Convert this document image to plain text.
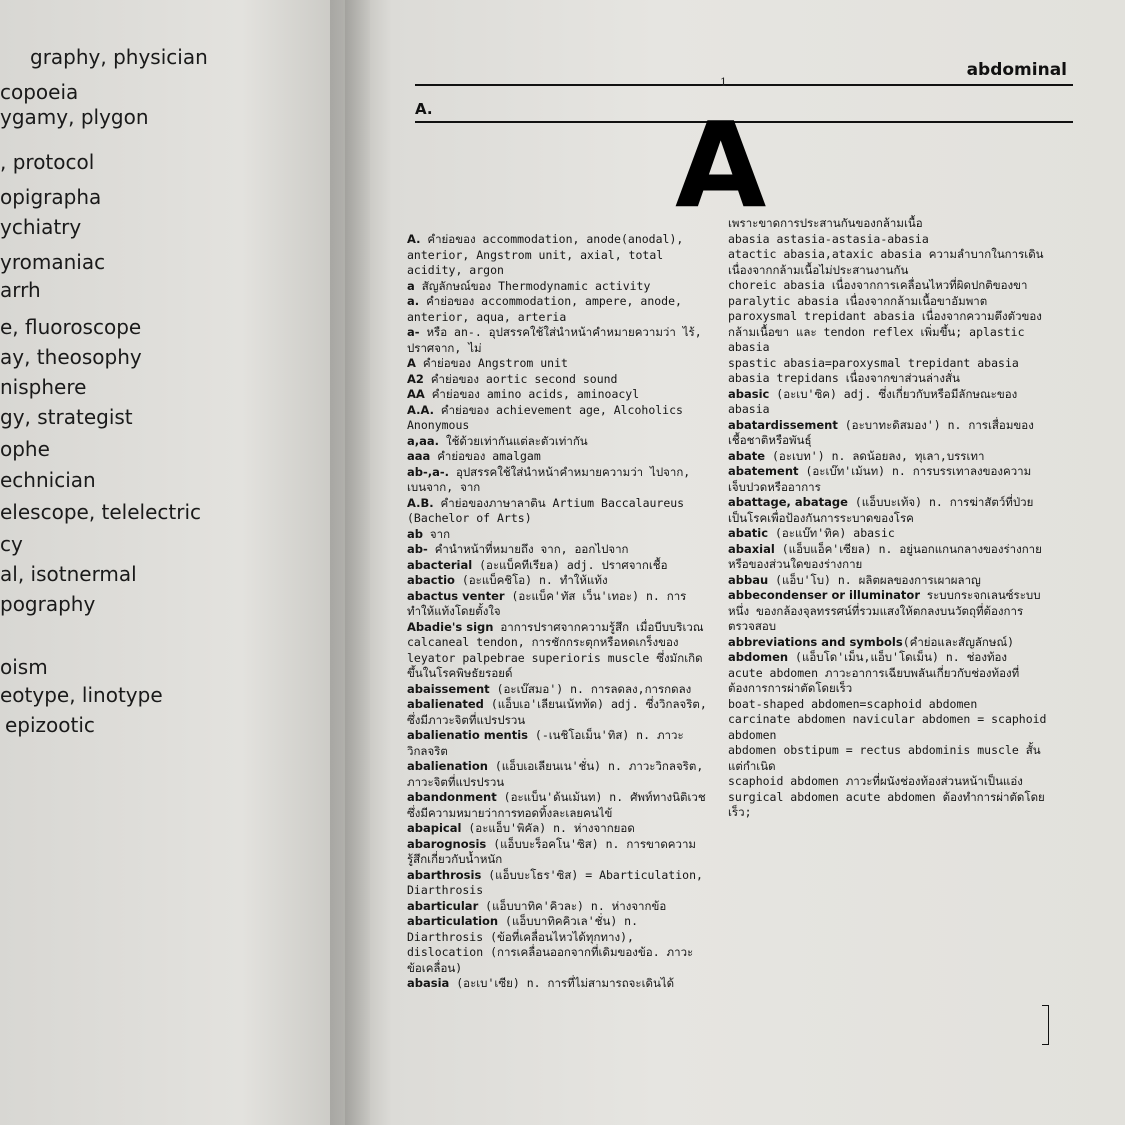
graphy, physician
copoeia
ygamy, plygon
, protocol
opigrapha
ychiatry
yromaniac
arrh
e, fluoroscope
ay, theosophy
nisphere
gy, strategist
ophe
echnician
elescope, telelectric
cy
al, isotnermal
pography
oism
eotype, linotype
epizootic
abdominal
1
A. A
A. คำย่อของ accommodation, anode(anodal), anterior, Angstrom unit, axial, total acidity, argon
a สัญลักษณ์ของ Thermodynamic activity
a. คำย่อของ accommodation, ampere, anode, anterior, aqua, arteria
a- หรือ an-. อุปสรรคใช้ใส่นำหน้าคำหมายความว่า ไร้, ปราศจาก, ไม่
A คำย่อของ Angstrom unit
A2 คำย่อของ aortic second sound
AA คำย่อของ amino acids, aminoacyl
A.A. คำย่อของ achievement age, Alcoholics Anonymous
a,aa. ใช้ด้วยเท่ากันแต่ละตัวเท่ากัน
aaa คำย่อของ amalgam
ab-,a-. อุปสรรคใช้ใส่นำหน้าคำหมายความว่า ไปจาก, เบนจาก, จาก
A.B. คำย่อของภาษาลาติน Artium Baccalaureus (Bachelor of Arts)
ab จาก
ab- คำนำหน้าที่หมายถึง จาก, ออกไปจาก
abacterial (อะแบ็คทีเรียล) adj. ปราศจากเชื้อ
abactio (อะแบ็คชิโอ) n. ทำให้แท้ง
abactus venter (อะแบ็ค'ทัส เว็น'เทอะ) n. การทำให้แท้งโดยตั้งใจ
Abadie's sign อาการปราศจากความรู้สึก เมื่อบีบบริเวณ calcaneal tendon, การชักกระตุกหรือหดเกร็งของ leyator palpebrae superioris muscle ซึ่งมักเกิดขึ้นในโรคพิษธัยรอยด์
abaissement (อะเบ๊สมอ') n. การลดลง,การกดลง
abalienated (แอ็บเอ'เลียนเน้ทท้ด) adj. ซึ่งวิกลจริต, ซึ่งมีภาวะจิตที่แปรปรวน
abalienatio mentis (-เนชิโอเม็น'ทิส) n. ภาวะวิกลจริต
abalienation (แอ็บเอเลียนเน'ชั่น) n. ภาวะวิกลจริต, ภาวะจิตที่แปรปรวน
abandonment (อะแบ็น'ด้นเม้นท) n. ศัพท์ทางนิติเวช ซึ่งมีความหมายว่าการทอดทิ้งละเลยคนไข้
abapical (อะแอ็บ'พิคัล) n. ห่างจากยอด
abarognosis (แอ็บบะร็อคโน'ซิส) n. การขาดความรู้สึกเกี่ยวกับน้ำหนัก
abarthrosis (แอ็บบะโธร'ซิส) = Abarticulation, Diarthrosis
abarticular (แอ็บบาทิค'คิวละ) n. ห่างจากข้อ
abarticulation (แอ็บบาทิคคิวเล'ชั่น) n. Diarthrosis (ข้อที่เคลื่อนไหวได้ทุกทาง), dislocation (การเคลื่อนออกจากที่เดิมของข้อ. ภาวะข้อเคลื่อน)
abasia (อะเบ'เซีย) n. การที่ไม่สามารถจะเดินได้
เพราะขาดการประสานกันของกล้ามเนื้อ
abasia astasia-astasia-abasia
atactic abasia,ataxic abasia ความลำบากในการเดินเนื่องจากกล้ามเนื้อไม่ประสานงานกัน
choreic abasia เนื่องจากการเคลื่อนไหวที่ผิดปกติของขา
paralytic abasia เนื่องจากกล้ามเนื้อขาอัมพาต
paroxysmal trepidant abasia เนื่องจากความตึงตัวของกล้ามเนื้อขา และ tendon reflex เพิ่มขึ้น; aplastic abasia
spastic abasia=paroxysmal trepidant abasia
abasia trepidans เนื่องจากขาส่วนล่างสั่น
abasic (อะเบ'ซิค) adj. ซึ่งเกี่ยวกับหรือมีลักษณะของ abasia
abatardissement (อะบาทะดิสมอง') n. การเสื่อมของเชื้อชาติหรือพันธุ์
abate (อะเบท') n. ลดน้อยลง, ทุเลา,บรรเทา
abatement (อะเบ๊ท'เม้นท) n. การบรรเทาลงของความเจ็บปวดหรืออาการ
abattage, abatage (แอ็บบะเท้จ) n. การฆ่าสัตว์ที่ป่วยเป็นโรคเพื่อป้องกันการระบาดของโรค
abatic (อะแบ๊ท'ทิค) abasic
abaxial (แอ็บแอ็ค'เซียล) n. อยู่นอกแกนกลางของร่างกายหรือของส่วนใดของร่างกาย
abbau (แอ็บ'โบ) n. ผลิตผลของการเผาผลาญ
abbecondenser or illuminator ระบบกระจกเลนซ์ระบบหนึ่ง ของกล้องจุลทรรศน์ที่รวมแสงให้ตกลงบนวัตถุที่ต้องการตรวจสอบ
abbreviations and symbols(คำย่อและสัญลักษณ์)
abdomen (แอ็บโด'เม็น,แอ็บ'โดเม็น) n. ช่องท้อง
acute abdomen ภาวะอาการเฉียบพลันเกี่ยวกับช่องท้องที่ต้องการการผ่าตัดโดยเร็ว
boat-shaped abdomen=scaphoid abdomen
carcinate abdomen navicular abdomen = scaphoid abdomen
abdomen obstipum = rectus abdominis muscle สั้นแต่กำเนิด
scaphoid abdomen ภาวะที่ผนังช่องท้องส่วนหน้าเป็นแอ่ง
surgical abdomen acute abdomen ต้องทำการผ่าตัดโดยเร็ว;
